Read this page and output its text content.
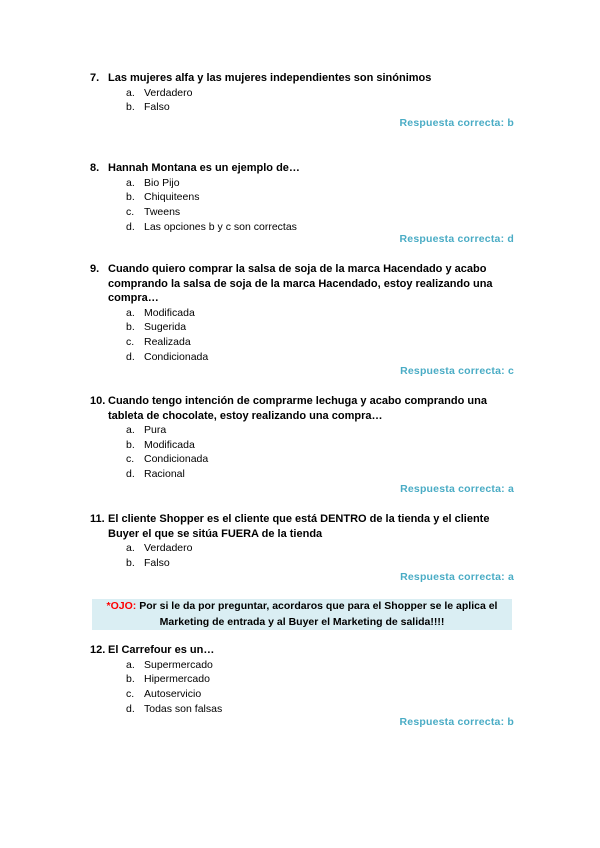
7. Las mujeres alfa y las mujeres independientes son sinónimos
a. Verdadero
b. Falso
Respuesta correcta: b
8. Hannah Montana es un ejemplo de…
a. Bio Pijo
b. Chiquiteens
c. Tweens
d. Las opciones b y c son correctas
Respuesta correcta: d
9. Cuando quiero comprar la salsa de soja de la marca Hacendado y acabo comprando la salsa de soja de la marca Hacendado, estoy realizando una compra…
a. Modificada
b. Sugerida
c. Realizada
d. Condicionada
Respuesta correcta: c
10. Cuando tengo intención de comprarme lechuga y acabo comprando una tableta de chocolate, estoy realizando una compra…
a. Pura
b. Modificada
c. Condicionada
d. Racional
Respuesta correcta: a
11. El cliente Shopper es el cliente que está DENTRO de la tienda y el cliente Buyer el que se sitúa FUERA de la tienda
a. Verdadero
b. Falso
Respuesta correcta: a
*OJO: Por si le da por preguntar, acordaros que para el Shopper se le aplica el Marketing de entrada y al Buyer el Marketing de salida!!!!
12. El Carrefour es un…
a. Supermercado
b. Hipermercado
c. Autoservicio
d. Todas son falsas
Respuesta correcta: b
